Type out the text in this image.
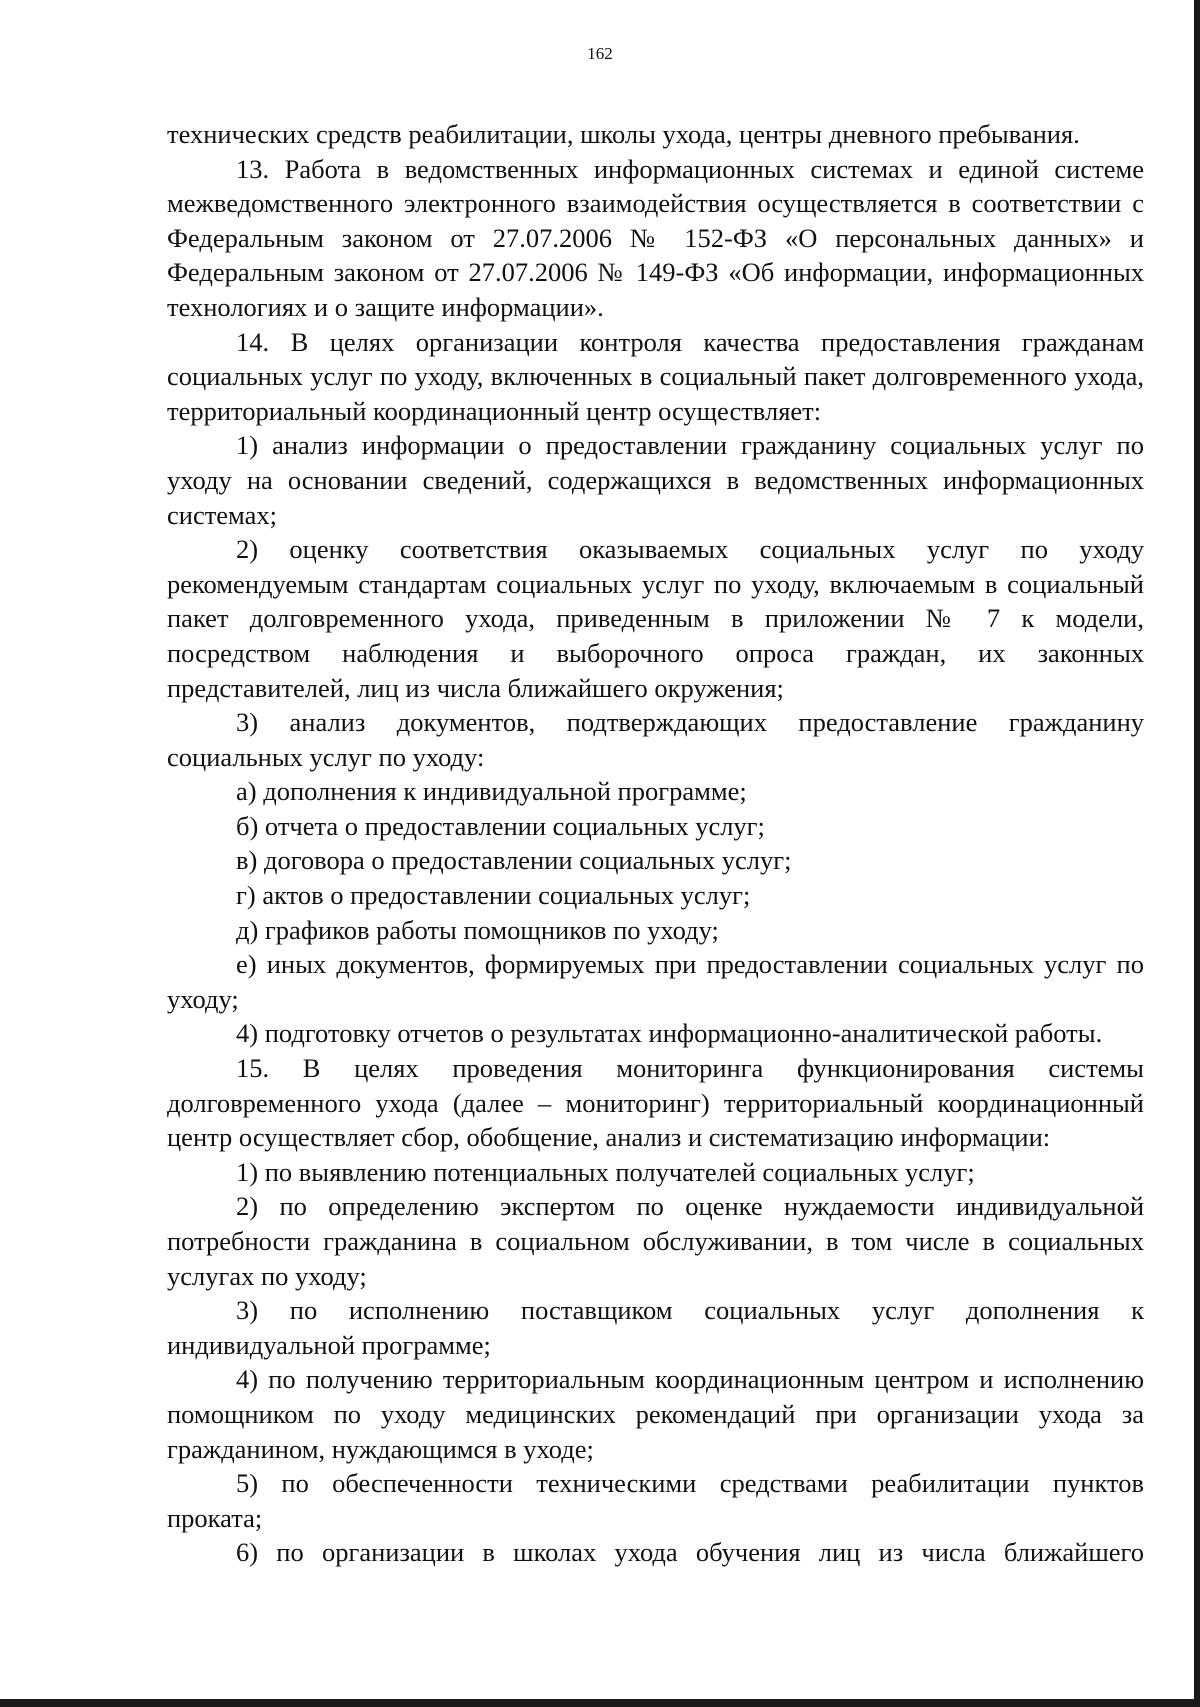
162

технических средств реабилитации, школы ухода, центры дневного пребывания.

13. Работа в ведомственных информационных системах и единой системе межведомственного электронного взаимодействия осуществляется в соответствии с Федеральным законом от 27.07.2006 № 152-ФЗ «О персональных данных» и Федеральным законом от 27.07.2006 № 149-ФЗ «Об информации, информационных технологиях и о защите информации».

14. В целях организации контроля качества предоставления гражданам социальных услуг по уходу, включенных в социальный пакет долговременного ухода, территориальный координационный центр осуществляет:

1) анализ информации о предоставлении гражданину социальных услуг по уходу на основании сведений, содержащихся в ведомственных информационных системах;

2) оценку соответствия оказываемых социальных услуг по уходу рекомендуемым стандартам социальных услуг по уходу, включаемым в социальный пакет долговременного ухода, приведенным в приложении № 7 к модели, посредством наблюдения и выборочного опроса граждан, их законных представителей, лиц из числа ближайшего окружения;

3) анализ документов, подтверждающих предоставление гражданину социальных услуг по уходу:

а) дополнения к индивидуальной программе;

б) отчета о предоставлении социальных услуг;

в) договора о предоставлении социальных услуг;

г) актов о предоставлении социальных услуг;

д) графиков работы помощников по уходу;

е) иных документов, формируемых при предоставлении социальных услуг по уходу;

4) подготовку отчетов о результатах информационно-аналитической работы.

15. В целях проведения мониторинга функционирования системы долговременного ухода (далее – мониторинг) территориальный координационный центр осуществляет сбор, обобщение, анализ и систематизацию информации:

1) по выявлению потенциальных получателей социальных услуг;

2) по определению экспертом по оценке нуждаемости индивидуальной потребности гражданина в социальном обслуживании, в том числе в социальных услугах по уходу;

3) по исполнению поставщиком социальных услуг дополнения к индивидуальной программе;

4) по получению территориальным координационным центром и исполнению помощником по уходу медицинских рекомендаций при организации ухода за гражданином, нуждающимся в уходе;

5) по обеспеченности техническими средствами реабилитации пунктов проката;

6) по организации в школах ухода обучения лиц из числа ближайшего
